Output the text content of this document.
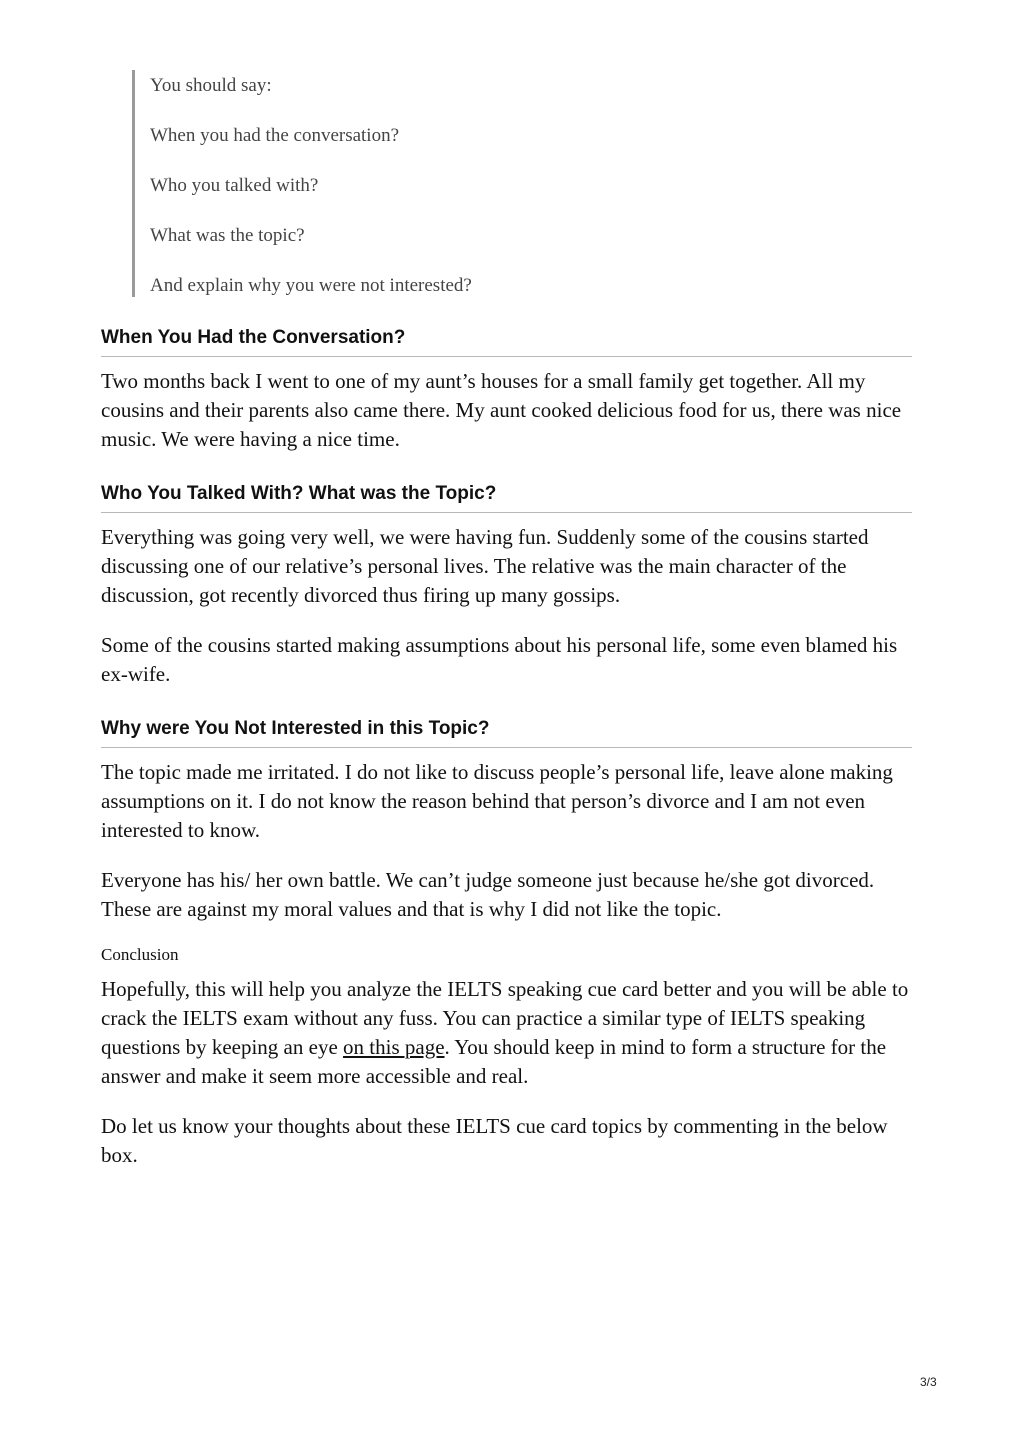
You should say:

When you had the conversation?

Who you talked with?

What was the topic?

And explain why you were not interested?

When You Had the Conversation?

Two months back I went to one of my aunt’s houses for a small family get together. All my cousins and their parents also came there. My aunt cooked delicious food for us, there was nice music. We were having a nice time.

Who You Talked With? What was the Topic?

Everything was going very well, we were having fun. Suddenly some of the cousins started discussing one of our relative’s personal lives. The relative was the main character of the discussion, got recently divorced thus firing up many gossips.

Some of the cousins started making assumptions about his personal life, some even blamed his ex-wife.

Why were You Not Interested in this Topic?

The topic made me irritated. I do not like to discuss people’s personal life, leave alone making assumptions on it. I do not know the reason behind that person’s divorce and I am not even interested to know.

Everyone has his/ her own battle. We can’t judge someone just because he/she got divorced. These are against my moral values and that is why I did not like the topic.

Conclusion

Hopefully, this will help you analyze the IELTS speaking cue card better and you will be able to crack the IELTS exam without any fuss. You can practice a similar type of IELTS speaking questions by keeping an eye on this page. You should keep in mind to form a structure for the answer and make it seem more accessible and real.

Do let us know your thoughts about these IELTS cue card topics by commenting in the below box.

3/3
